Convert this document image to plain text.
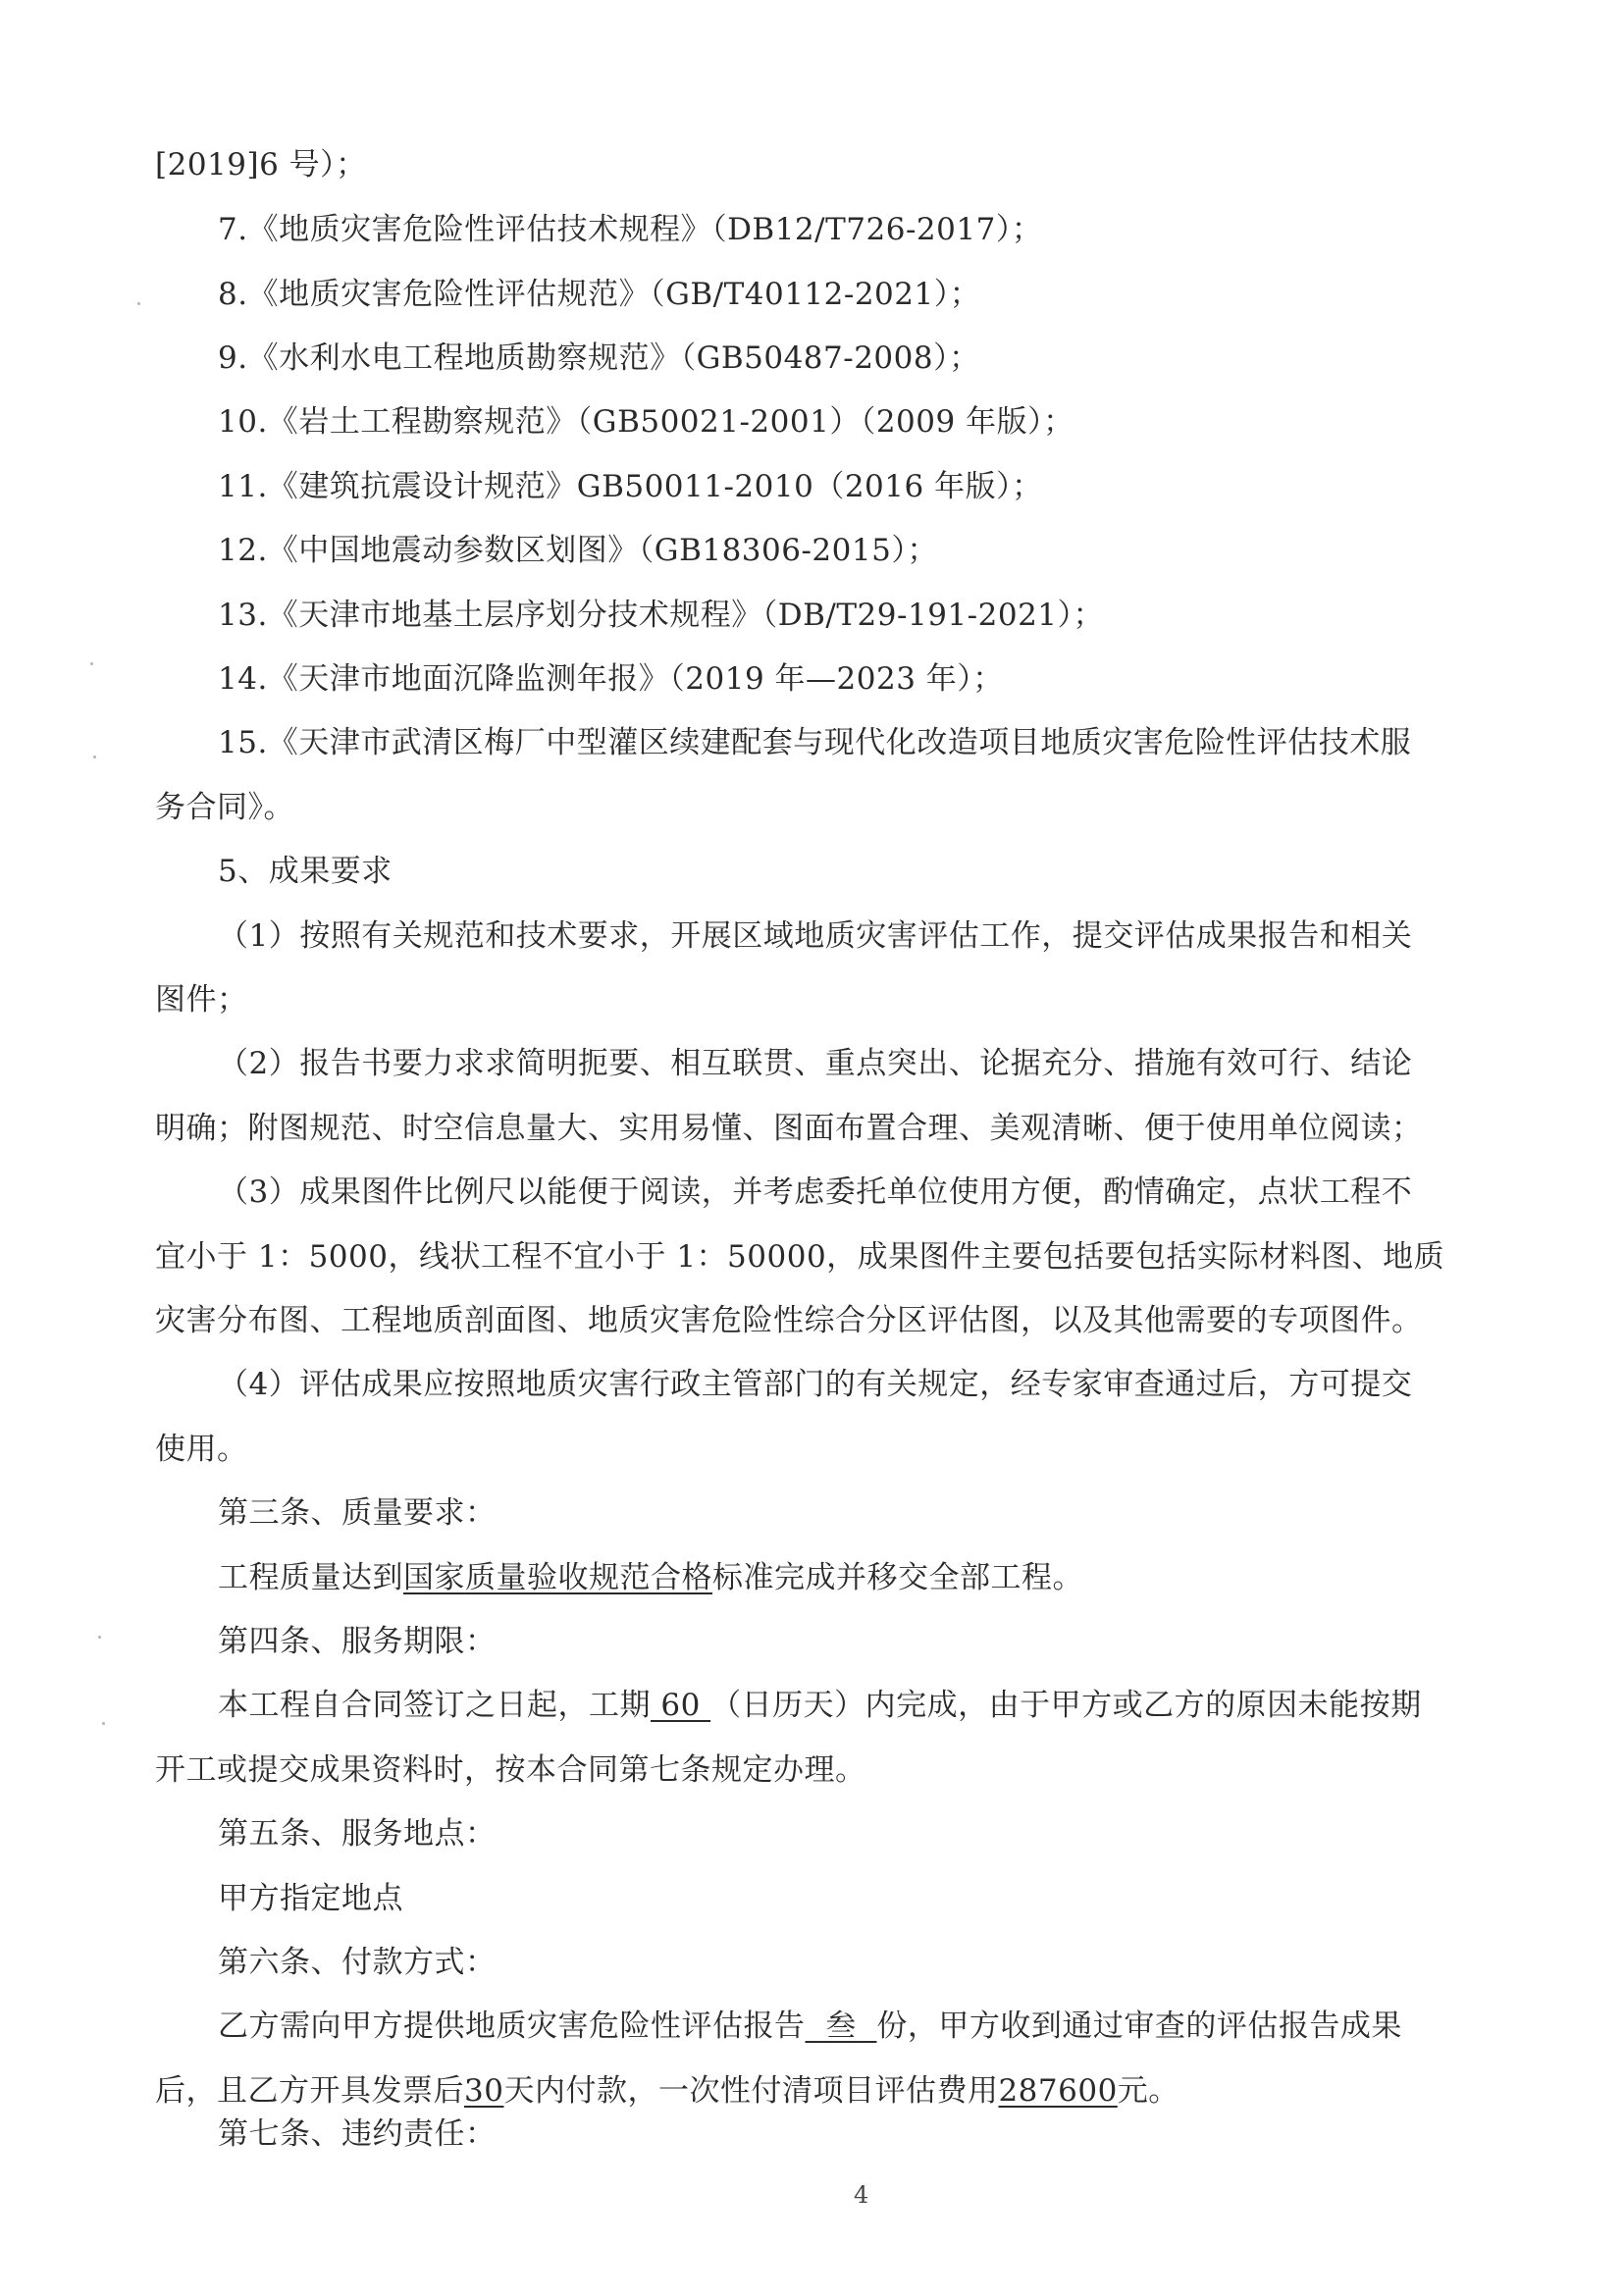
[2019]6 号）；
7.《地质灾害危险性评估技术规程》（DB12/T726-2017）；
8.《地质灾害危险性评估规范》（GB/T40112-2021）；
9.《水利水电工程地质勘察规范》（GB50487-2008）；
10.《岩土工程勘察规范》（GB50021-2001）（2009 年版）；
11.《建筑抗震设计规范》GB50011-2010（2016 年版）；
12.《中国地震动参数区划图》（GB18306-2015）；
13.《天津市地基土层序划分技术规程》（DB/T29-191-2021）；
14.《天津市地面沉降监测年报》（2019 年—2023 年）；
15.《天津市武清区梅厂中型灌区续建配套与现代化改造项目地质灾害危险性评估技术服
务合同》。
5、成果要求
（1）按照有关规范和技术要求，开展区域地质灾害评估工作，提交评估成果报告和相关
图件；
（2）报告书要力求求简明扼要、相互联贯、重点突出、论据充分、措施有效可行、结论
明确；附图规范、时空信息量大、实用易懂、图面布置合理、美观清晰、便于使用单位阅读；
（3）成果图件比例尺以能便于阅读，并考虑委托单位使用方便，酌情确定，点状工程不
宜小于 1：5000，线状工程不宜小于 1：50000，成果图件主要包括要包括实际材料图、地质
灾害分布图、工程地质剖面图、地质灾害危险性综合分区评估图，以及其他需要的专项图件。
（4）评估成果应按照地质灾害行政主管部门的有关规定，经专家审查通过后，方可提交
使用。
第三条、质量要求：
工程质量达到国家质量验收规范合格标准完成并移交全部工程。
第四条、服务期限：
本工程自合同签订之日起，工期 60 （日历天）内完成，由于甲方或乙方的原因未能按期
开工或提交成果资料时，按本合同第七条规定办理。
第五条、服务地点：
甲方指定地点
第六条、付款方式：
乙方需向甲方提供地质灾害危险性评估报告  叁  份，甲方收到通过审查的评估报告成果
后，且乙方开具发票后30天内付款，一次性付清项目评估费用287600元。
第七条、违约责任：
4
